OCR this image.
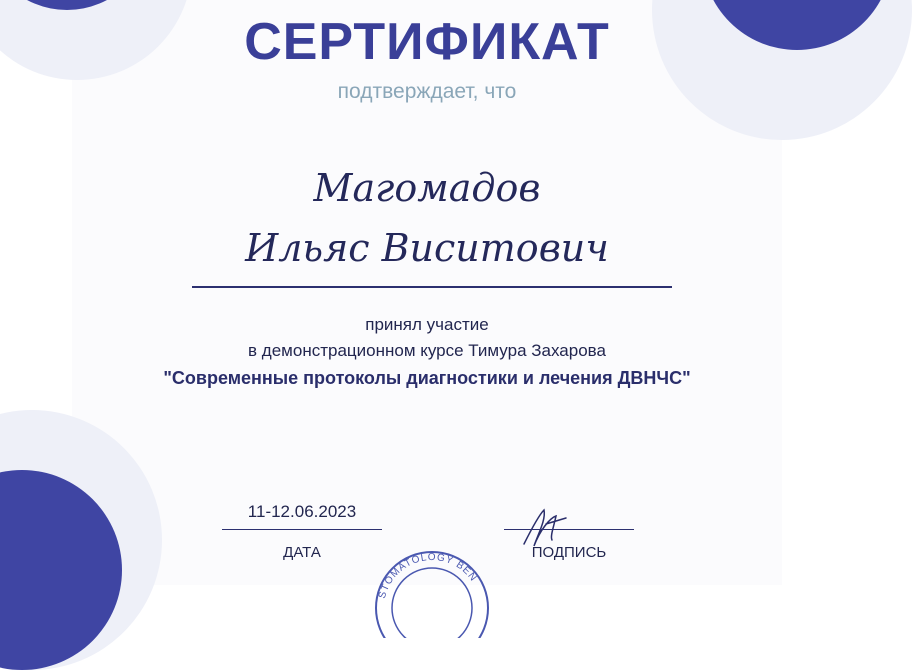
СЕРТИФИКАТ
подтверждает, что
Магомадов
Ильяс Виситович
принял участие
в демонстрационном курсе Тимура Захарова
"Современные протоколы диагностики и лечения ДВНЧС"
11-12.06.2023
ДАТА	ПОДПИСЬ
STOMATOLOGY BEN
